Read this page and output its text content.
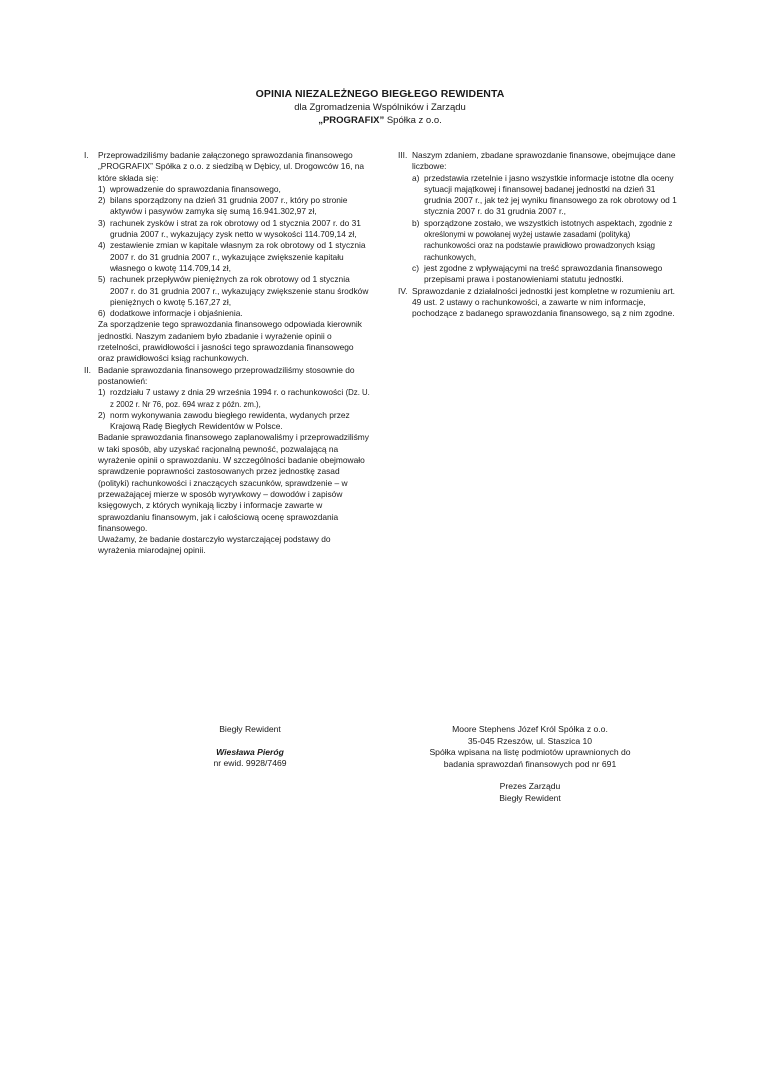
OPINIA NIEZALEŻNEGO BIEGŁEGO REWIDENTA
dla Zgromadzenia Wspólników i Zarządu
„PROGRAFIX” Spółka z o.o.
I. Przeprowadziliśmy badanie załączonego sprawozdania finansowego „PROGRAFIX” Spółka z o.o. z siedzibą w Dębicy, ul. Drogowców 16, na które składa się:
1) wprowadzenie do sprawozdania finansowego,
2) bilans sporządzony na dzień 31 grudnia 2007 r., który po stronie aktywów i pasywów zamyka się sumą 16.941.302,97 zł,
3) rachunek zysków i strat za rok obrotowy od 1 stycznia 2007 r. do 31 grudnia 2007 r., wykazujący zysk netto w wysokości 114.709,14 zł,
4) zestawienie zmian w kapitale własnym za rok obrotowy od 1 stycznia 2007 r. do 31 grudnia 2007 r., wykazujące zwiększenie kapitału własnego o kwotę 114.709,14 zł,
5) rachunek przepływów pieniężnych za rok obrotowy od 1 stycznia 2007 r. do 31 grudnia 2007 r., wykazujący zwiększenie stanu środków pieniężnych o kwotę 5.167,27 zł,
6) dodatkowe informacje i objaśnienia.
Za sporządzenie tego sprawozdania finansowego odpowiada kierownik jednostki. Naszym zadaniem było zbadanie i wyrażenie opinii o rzetelności, prawidłowości i jasności tego sprawozdania finansowego oraz prawidłowości ksiąg rachunkowych.
II. Badanie sprawozdania finansowego przeprowadziliśmy stosownie do postanowień:
1) rozdziału 7 ustawy z dnia 29 września 1994 r. o rachunkowości (Dz. U. z 2002 r. Nr 76, poz. 694 wraz z późn. zm.),
2) norm wykonywania zawodu biegłego rewidenta, wydanych przez Krajową Radę Biegłych Rewidentów w Polsce.
Badanie sprawozdania finansowego zaplanowaliśmy i przeprowadziliśmy w taki sposób, aby uzyskać racjonalną pewność, pozwalającą na wyrażenie opinii o sprawozdaniu. W szczególności badanie obejmowało sprawdzenie poprawności zastosowanych przez jednostkę zasad (polityki) rachunkowości i znaczących szacunków, sprawdzenie – w przeważającej mierze w sposób wyrywkowy – dowodów i zapisów księgowych, z których wynikają liczby i informacje zawarte w sprawozdaniu finansowym, jak i całościową ocenę sprawozdania finansowego.
Uważamy, że badanie dostarczyło wystarczającej podstawy do wyrażenia miarodajnej opinii.
III. Naszym zdaniem, zbadane sprawozdanie finansowe, obejmujące dane liczbowe:
a) przedstawia rzetelnie i jasno wszystkie informacje istotne dla oceny sytuacji majątkowej i finansowej badanej jednostki na dzień 31 grudnia 2007 r., jak też jej wyniku finansowego za rok obrotowy od 1 stycznia 2007 r. do 31 grudnia 2007 r.,
b) sporządzone zostało, we wszystkich istotnych aspektach, zgodnie z określonymi w powołanej wyżej ustawie zasadami (polityką) rachunkowości oraz na podstawie prawidłowo prowadzonych ksiąg rachunkowych,
c) jest zgodne z wpływającymi na treść sprawozdania finansowego przepisami prawa i postanowieniami statutu jednostki.
IV. Sprawozdanie z działalności jednostki jest kompletne w rozumieniu art. 49 ust. 2 ustawy o rachunkowości, a zawarte w nim informacje, pochodzące z badanego sprawozdania finansowego, są z nim zgodne.
Biegły Rewident
Wiesława Pieróg
nr ewid. 9928/7469
Moore Stephens Józef Król Spółka z o.o.
35-045 Rzeszów, ul. Staszica 10
Spółka wpisana na listę podmiotów uprawnionych do
badania sprawozdań finansowych pod nr 691
Prezes Zarządu
Biegły Rewident
